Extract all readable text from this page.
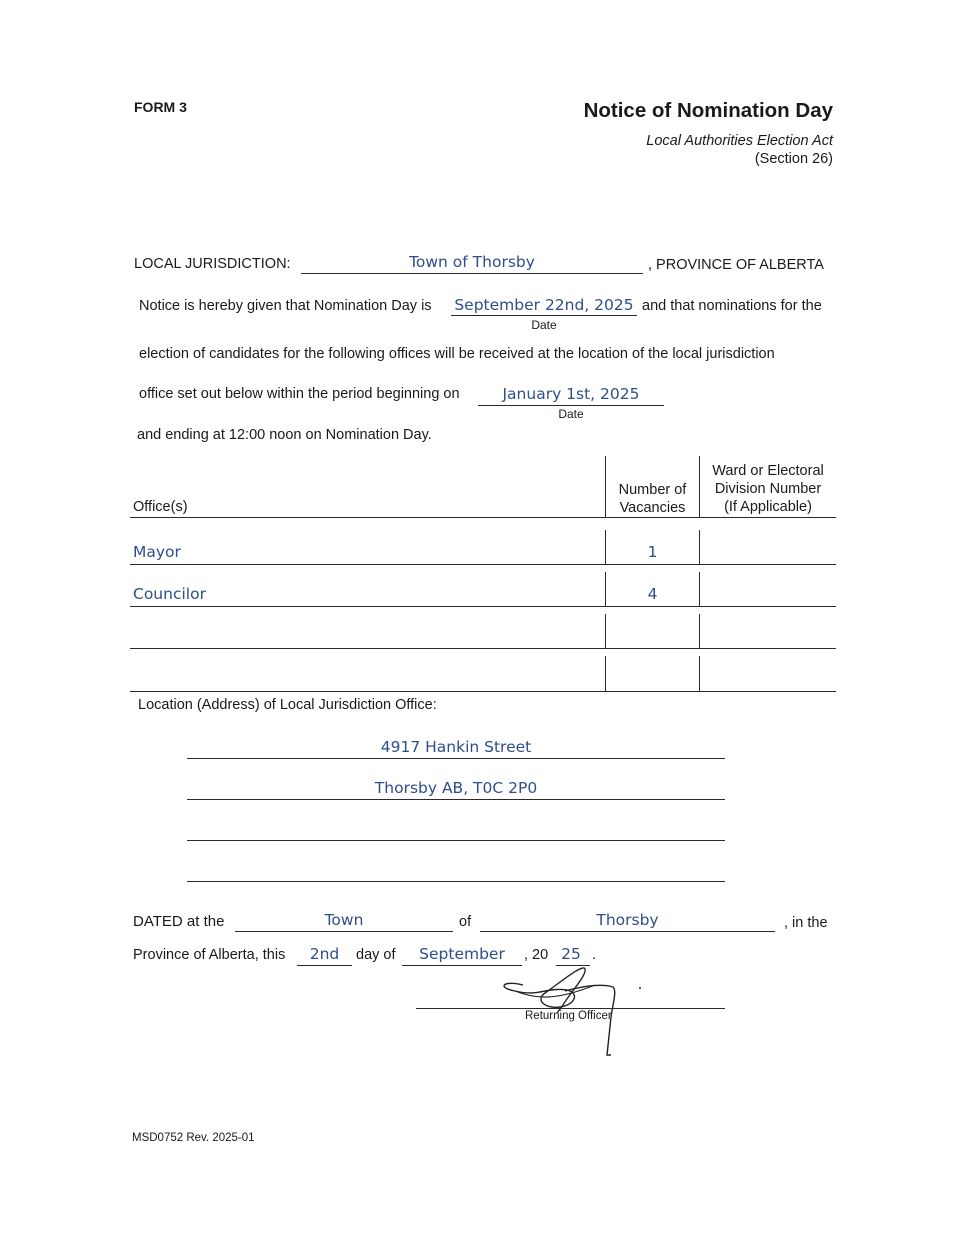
FORM 3	Notice of Nomination Day
Local Authorities Election Act
(Section 26)
LOCAL JURISDICTION:	Town of Thorsby	, PROVINCE OF ALBERTA
Notice is hereby given that Nomination Day is September 22nd, 2025
Date
and that nominations for the
election of candidates for the following offices will be received at the location of the local jurisdiction
office set out below within the period beginning on	January 1st, 2025
Date
and ending at 12:00 noon on Nomination Day.
Office(s)
Number of
Vacancies
Ward or Electoral
Division Number
(If Applicable)
Mayor	1
Councilor	4
Location (Address) of Local Jurisdiction Office:
4917 Hankin Street
Thorsby AB, T0C 2P0
DATED at the	Town	of	Thorsby	, in the
Province of Alberta, this	2nd	day of	September	, 20 25 .
Returning Officer
MSD0752 Rev. 2025-01
